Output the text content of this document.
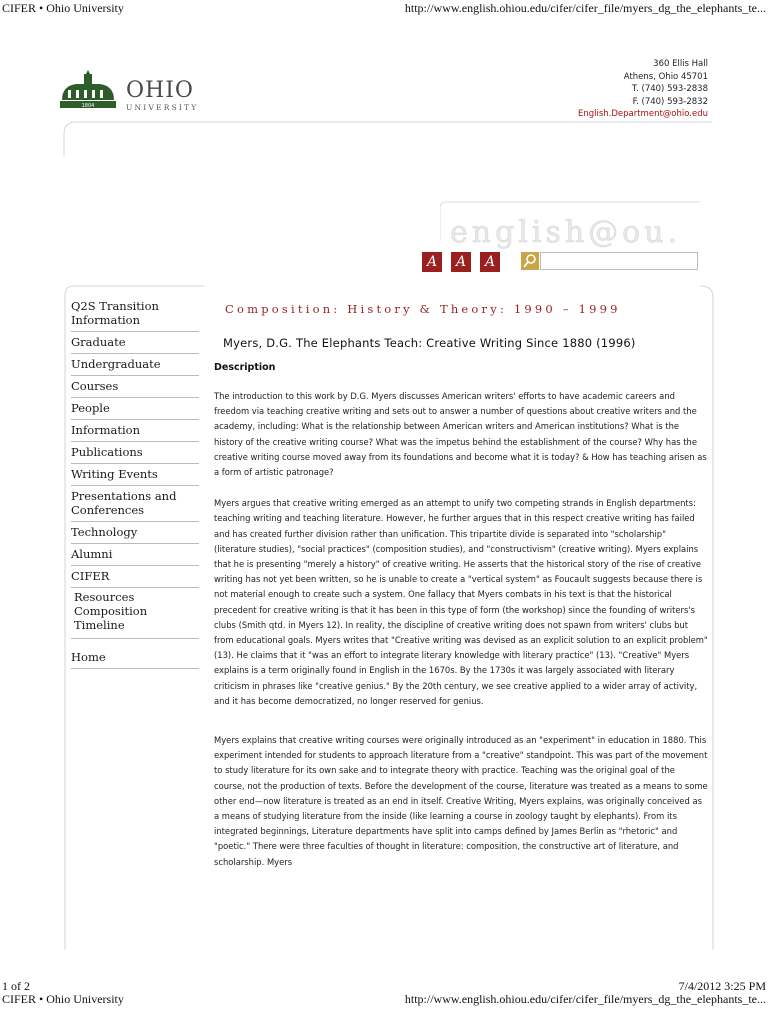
CIFER • Ohio University	http://www.english.ohiou.edu/cifer/cifer_file/myers_dg_the_elephants_te...
1804
OHIO
UNIVERSITY
360 Ellis Hall
Athens, Ohio 45701
T. (740) 593-2838
F. (740) 593-2832
English.Department@ohio.edu
english@ou.
A	A	A
Q2S Transition Information
Graduate
Undergraduate
Courses
People
Information
Publications
Writing Events
Presentations and Conferences
Technology
Alumni
CIFER
Resources
Composition Timeline
Home
Composition: History & Theory: 1990 – 1999
Myers, D.G. The Elephants Teach: Creative Writing Since 1880 (1996)
Description

The introduction to this work by D.G. Myers discusses American writers' efforts to have academic careers and freedom via teaching creative writing and sets out to answer a number of questions about creative writers and the academy, including: What is the relationship between American writers and American institutions? What is the history of the creative writing course? What was the impetus behind the establishment of the course? Why has the creative writing course moved away from its foundations and become what it is today? & How has teaching arisen as a form of artistic patronage?

Myers argues that creative writing emerged as an attempt to unify two competing strands in English departments: teaching writing and teaching literature. However, he further argues that in this respect creative writing has failed and has created further division rather than unification. This tripartite divide is separated into "scholarship" (literature studies), "social practices" (composition studies), and "constructivism" (creative writing). Myers explains that he is presenting "merely a history" of creative writing. He asserts that the historical story of the rise of creative writing has not yet been written, so he is unable to create a "vertical system" as Foucault suggests because there is not material enough to create such a system. One fallacy that Myers combats in his text is that the historical precedent for creative writing is that it has been in this type of form (the workshop) since the founding of writers's clubs (Smith qtd. in Myers 12). In reality, the discipline of creative writing does not spawn from writers' clubs but from educational goals. Myers writes that "Creative writing was devised as an explicit solution to an explicit problem" (13). He claims that it "was an effort to integrate literary knowledge with literary practice" (13). "Creative" Myers explains is a term originally found in English in the 1670s. By the 1730s it was largely associated with literary criticism in phrases like "creative genius." By the 20th century, we see creative applied to a wider array of activity, and it has become democratized, no longer reserved for genius.

Myers explains that creative writing courses were originally introduced as an "experiment" in education in 1880. This experiment intended for students to approach literature from a "creative" standpoint. This was part of the movement to study literature for its own sake and to integrate theory with practice. Teaching was the original goal of the course, not the production of texts. Before the development of the course, literature was treated as a means to some other end—now literature is treated as an end in itself. Creative Writing, Myers explains, was originally conceived as a means of studying literature from the inside (like learning a course in zoology taught by elephants). From its integrated beginnings, Literature departments have split into camps defined by James Berlin as "rhetoric" and "poetic." There were three faculties of thought in literature: composition, the constructive art of literature, and scholarship. Myers

1 of 2	7/4/2012 3:25 PM
CIFER • Ohio University	http://www.english.ohiou.edu/cifer/cifer_file/myers_dg_the_elephants_te...
